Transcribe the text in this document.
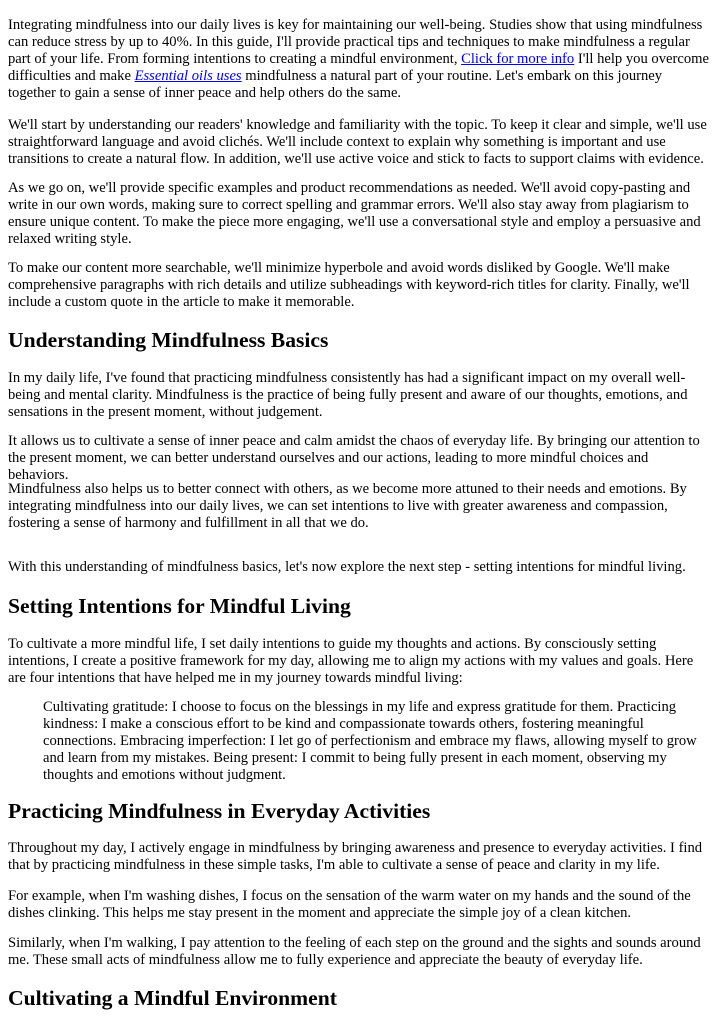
Integrating mindfulness into our daily lives is key for maintaining our well-being. Studies show that using mindfulness can reduce stress by up to 40%. In this guide, I'll provide practical tips and techniques to make mindfulness a regular part of your life. From forming intentions to creating a mindful environment, Click for more info I'll help you overcome difficulties and make Essential oils uses mindfulness a natural part of your routine. Let's embark on this journey together to gain a sense of inner peace and help others do the same.

We'll start by understanding our readers' knowledge and familiarity with the topic. To keep it clear and simple, we'll use straightforward language and avoid clichés. We'll include context to explain why something is important and use transitions to create a natural flow. In addition, we'll use active voice and stick to facts to support claims with evidence.

As we go on, we'll provide specific examples and product recommendations as needed. We'll avoid copy-pasting and write in our own words, making sure to correct spelling and grammar errors. We'll also stay away from plagiarism to ensure unique content. To make the piece more engaging, we'll use a conversational style and employ a persuasive and relaxed writing style.

To make our content more searchable, we'll minimize hyperbole and avoid words disliked by Google. We'll make comprehensive paragraphs with rich details and utilize subheadings with keyword-rich titles for clarity. Finally, we'll include a custom quote in the article to make it memorable.

Understanding Mindfulness Basics

In my daily life, I've found that practicing mindfulness consistently has had a significant impact on my overall well-being and mental clarity. Mindfulness is the practice of being fully present and aware of our thoughts, emotions, and sensations in the present moment, without judgement.

It allows us to cultivate a sense of inner peace and calm amidst the chaos of everyday life. By bringing our attention to the present moment, we can better understand ourselves and our actions, leading to more mindful choices and behaviors.

Mindfulness also helps us to better connect with others, as we become more attuned to their needs and emotions. By integrating mindfulness into our daily lives, we can set intentions to live with greater awareness and compassion, fostering a sense of harmony and fulfillment in all that we do.

With this understanding of mindfulness basics, let's now explore the next step - setting intentions for mindful living.

Setting Intentions for Mindful Living

To cultivate a more mindful life, I set daily intentions to guide my thoughts and actions. By consciously setting intentions, I create a positive framework for my day, allowing me to align my actions with my values and goals. Here are four intentions that have helped me in my journey towards mindful living:

Cultivating gratitude: I choose to focus on the blessings in my life and express gratitude for them. Practicing kindness: I make a conscious effort to be kind and compassionate towards others, fostering meaningful connections. Embracing imperfection: I let go of perfectionism and embrace my flaws, allowing myself to grow and learn from my mistakes. Being present: I commit to being fully present in each moment, observing my thoughts and emotions without judgment.
Practicing Mindfulness in Everyday Activities

Throughout my day, I actively engage in mindfulness by bringing awareness and presence to everyday activities. I find that by practicing mindfulness in these simple tasks, I'm able to cultivate a sense of peace and clarity in my life.

For example, when I'm washing dishes, I focus on the sensation of the warm water on my hands and the sound of the dishes clinking. This helps me stay present in the moment and appreciate the simple joy of a clean kitchen.

Similarly, when I'm walking, I pay attention to the feeling of each step on the ground and the sights and sounds around me. These small acts of mindfulness allow me to fully experience and appreciate the beauty of everyday life.

Cultivating a Mindful Environment
